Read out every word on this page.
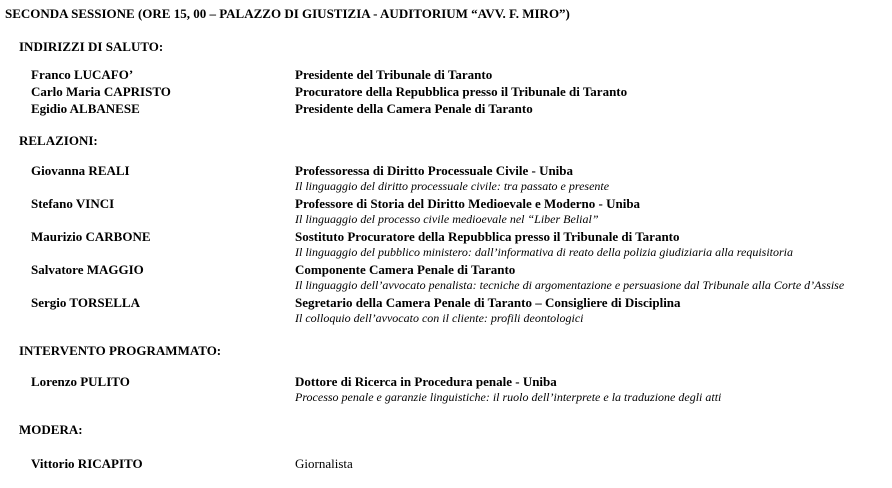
SECONDA SESSIONE (ORE 15, 00 – PALAZZO DI GIUSTIZIA - AUDITORIUM “AVV. F. MIRO”)
INDIRIZZI DI SALUTO:
Franco LUCAFO’	Presidente del Tribunale di Taranto
Carlo Maria CAPRISTO	Procuratore della Repubblica presso il Tribunale di Taranto
Egidio ALBANESE	Presidente della Camera Penale di Taranto
RELAZIONI:
Giovanna REALI	Professoressa di Diritto Processuale Civile - Uniba
Il linguaggio del diritto processuale civile: tra passato e presente
Stefano VINCI	Professore di Storia del Diritto Medioevale e Moderno - Uniba
Il linguaggio del processo civile medioevale nel “Liber Belial”
Maurizio CARBONE	Sostituto Procuratore della Repubblica presso il Tribunale di Taranto
Il linguaggio del pubblico ministero: dall’informativa di reato della polizia giudiziaria alla requisitoria
Salvatore MAGGIO	Componente Camera Penale di Taranto
Il linguaggio dell’avvocato penalista: tecniche di argomentazione e persuasione dal Tribunale alla Corte d’Assise
Sergio TORSELLA	Segretario della Camera Penale di Taranto – Consigliere di Disciplina
Il colloquio dell’avvocato con il cliente: profili deontologici
INTERVENTO PROGRAMMATO:
Lorenzo PULITO	Dottore di Ricerca in Procedura penale - Uniba
Processo penale e garanzie linguistiche: il ruolo dell’interprete e la traduzione degli atti
MODERA:
Vittorio RICAPITO	Giornalista
